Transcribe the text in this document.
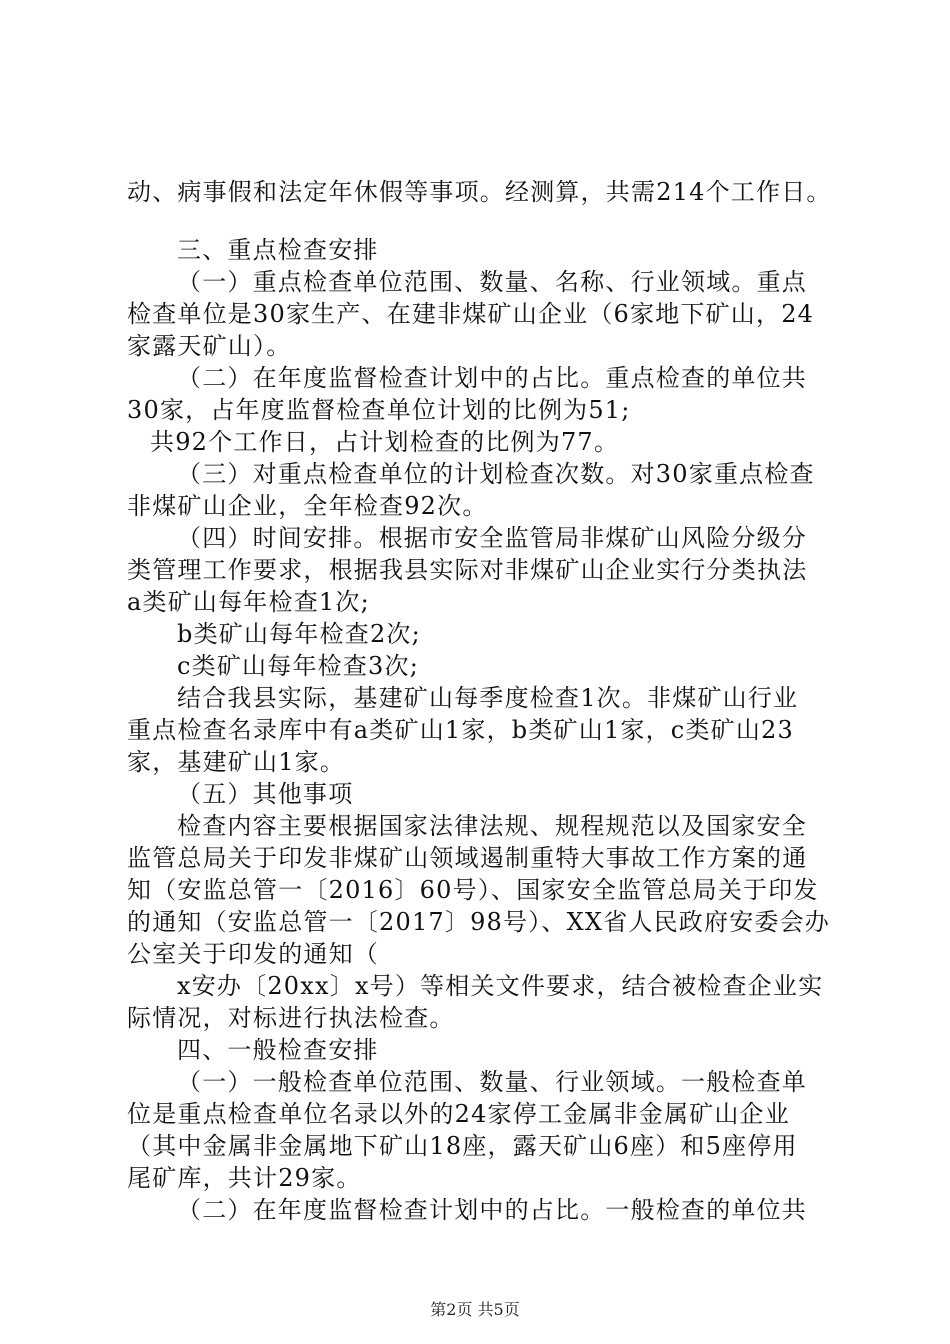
动、病事假和法定年休假等事项。经测算，共需214个工作日。
三、重点检查安排
（一）重点检查单位范围、数量、名称、行业领域。重点
检查单位是30家生产、在建非煤矿山企业（6家地下矿山，24
家露天矿山）。
（二）在年度监督检查计划中的占比。重点检查的单位共
30家，占年度监督检查单位计划的比例为51;
共92个工作日，占计划检查的比例为77。
（三）对重点检查单位的计划检查次数。对30家重点检查
非煤矿山企业，全年检查92次。
（四）时间安排。根据市安全监管局非煤矿山风险分级分
类管理工作要求，根据我县实际对非煤矿山企业实行分类执法
a类矿山每年检查1次;
b类矿山每年检查2次;
c类矿山每年检查3次;
结合我县实际，基建矿山每季度检查1次。非煤矿山行业
重点检查名录库中有a类矿山1家，b类矿山1家，c类矿山23
家，基建矿山1家。
（五）其他事项
检查内容主要根据国家法律法规、规程规范以及国家安全
监管总局关于印发非煤矿山领域遏制重特大事故工作方案的通
知（安监总管一〔2016〕60号）、国家安全监管总局关于印发
的通知（安监总管一〔2017〕98号）、XX省人民政府安委会办
公室关于印发的通知（
x安办〔20xx〕x号）等相关文件要求，结合被检查企业实
际情况，对标进行执法检查。
四、一般检查安排
（一）一般检查单位范围、数量、行业领域。一般检查单
位是重点检查单位名录以外的24家停工金属非金属矿山企业
（其中金属非金属地下矿山18座，露天矿山6座）和5座停用
尾矿库，共计29家。
（二）在年度监督检查计划中的占比。一般检查的单位共
第2页 共5页
